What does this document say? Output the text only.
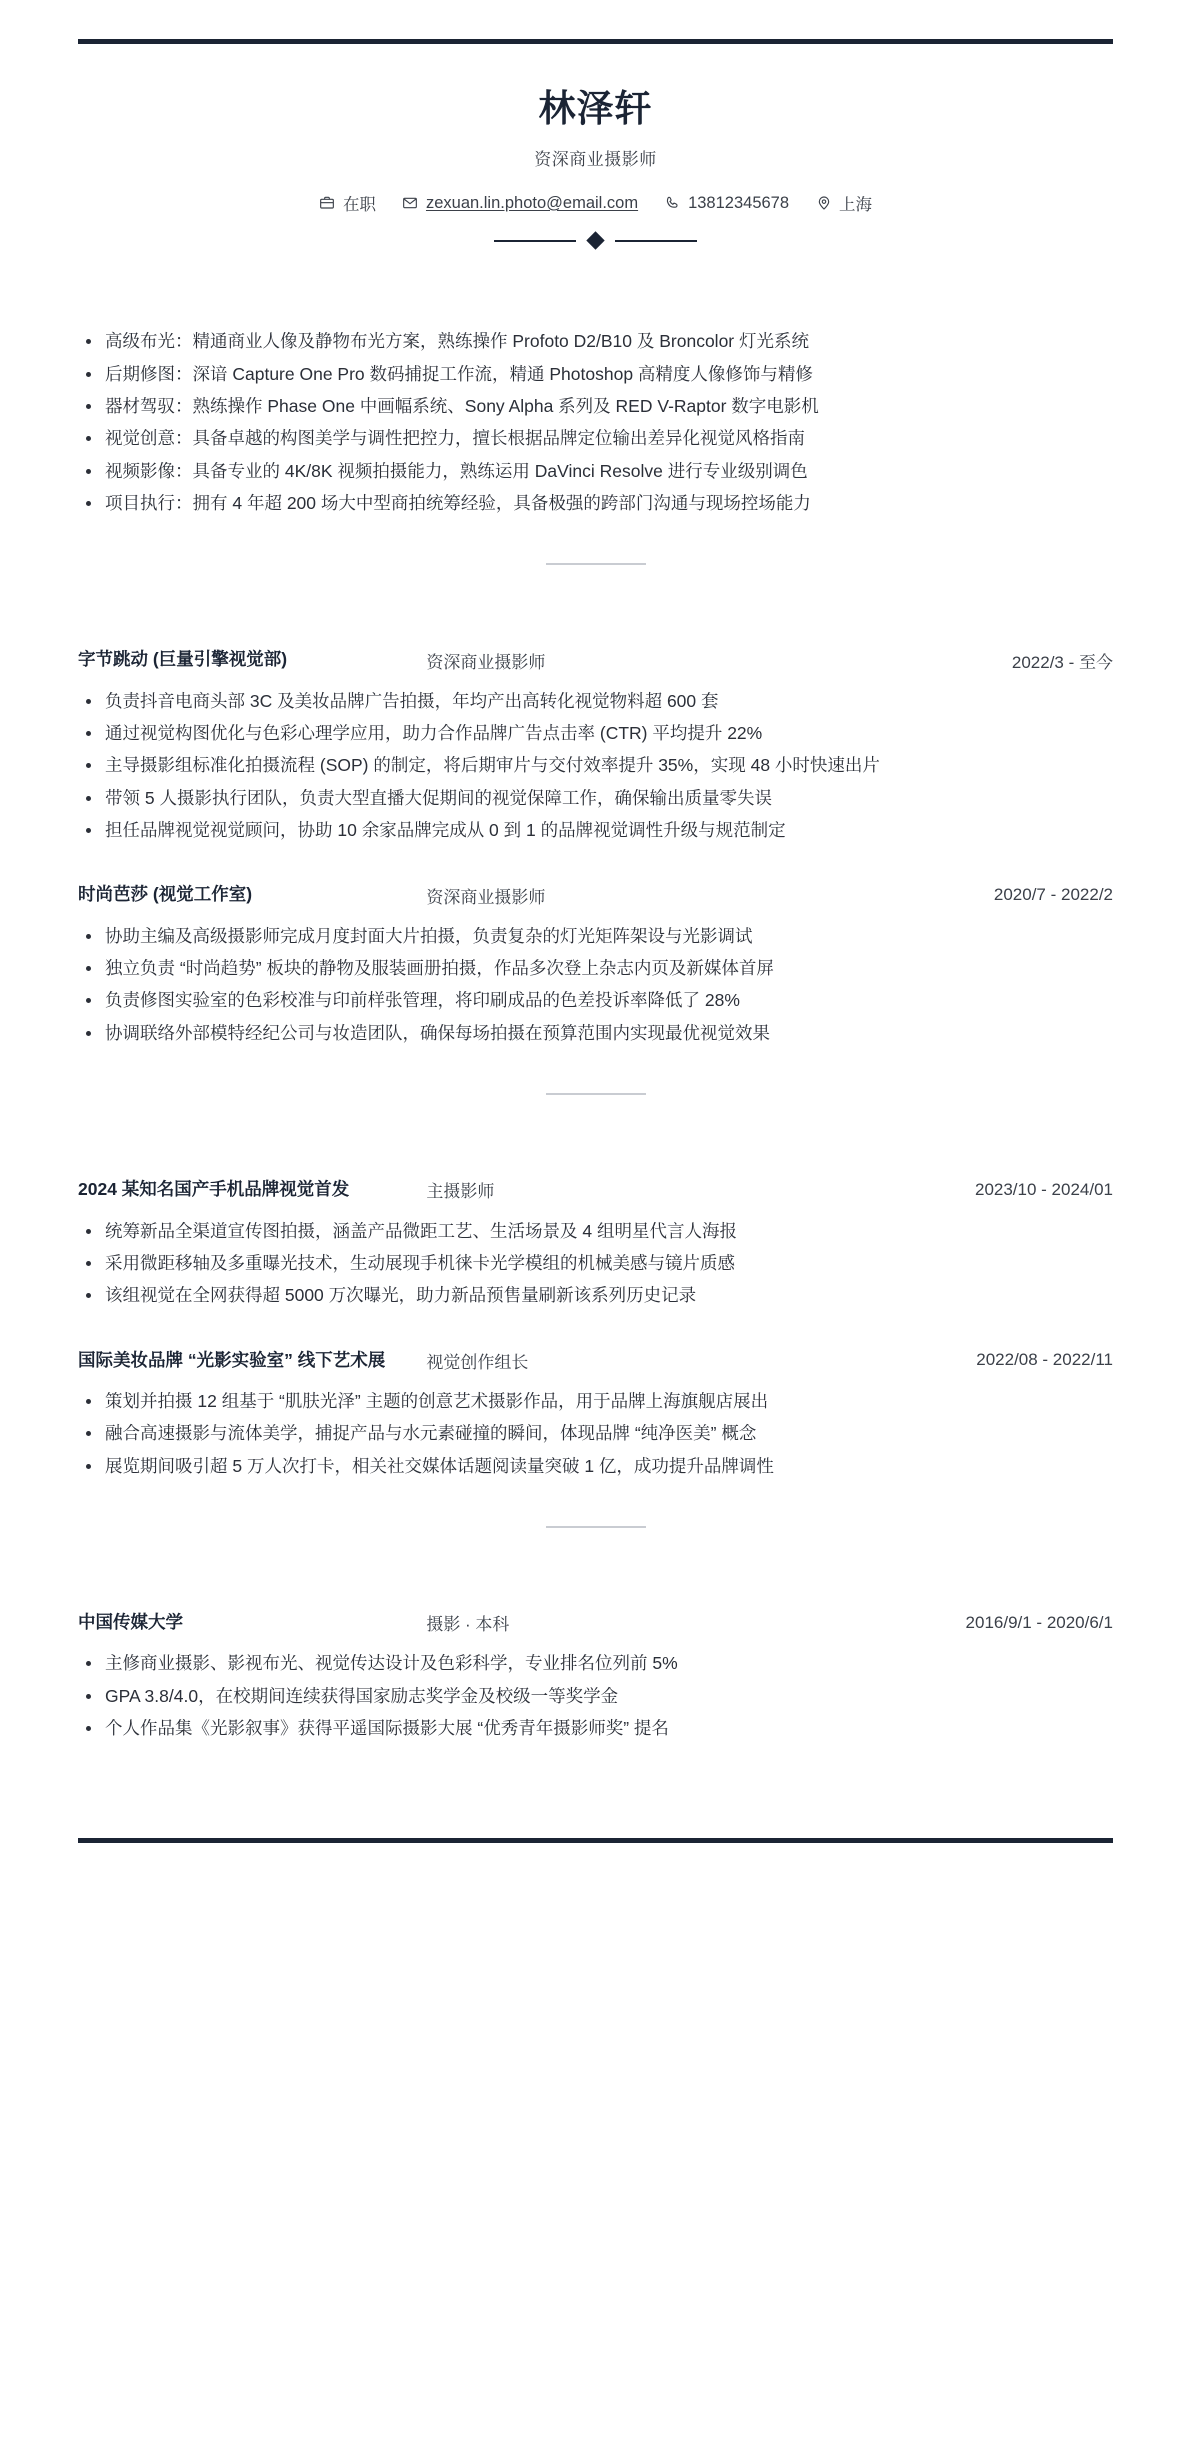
林泽轩
资深商业摄影师
在职	zexuan.lin.photo@email.com	13812345678	上海
高级布光：精通商业人像及静物布光方案，熟练操作 Profoto D2/B10 及 Broncolor 灯光系统
后期修图：深谙 Capture One Pro 数码捕捉工作流，精通 Photoshop 高精度人像修饰与精修
器材驾驭：熟练操作 Phase One 中画幅系统、Sony Alpha 系列及 RED V-Raptor 数字电影机
视觉创意：具备卓越的构图美学与调性把控力，擅长根据品牌定位输出差异化视觉风格指南
视频影像：具备专业的 4K/8K 视频拍摄能力，熟练运用 DaVinci Resolve 进行专业级别调色
项目执行：拥有 4 年超 200 场大中型商拍统筹经验，具备极强的跨部门沟通与现场控场能力
字节跳动 (巨量引擎视觉部)	资深商业摄影师	2022/3 - 至今
负责抖音电商头部 3C 及美妆品牌广告拍摄，年均产出高转化视觉物料超 600 套
通过视觉构图优化与色彩心理学应用，助力合作品牌广告点击率 (CTR) 平均提升 22%
主导摄影组标准化拍摄流程 (SOP) 的制定，将后期审片与交付效率提升 35%，实现 48 小时快速出片
带领 5 人摄影执行团队，负责大型直播大促期间的视觉保障工作，确保输出质量零失误
担任品牌视觉视觉顾问，协助 10 余家品牌完成从 0 到 1 的品牌视觉调性升级与规范制定
时尚芭莎 (视觉工作室)	资深商业摄影师	2020/7 - 2022/2
协助主编及高级摄影师完成月度封面大片拍摄，负责复杂的灯光矩阵架设与光影调试
独立负责 “时尚趋势” 板块的静物及服装画册拍摄，作品多次登上杂志内页及新媒体首屏
负责修图实验室的色彩校准与印前样张管理，将印刷成品的色差投诉率降低了 28%
协调联络外部模特经纪公司与妆造团队，确保每场拍摄在预算范围内实现最优视觉效果
2024 某知名国产手机品牌视觉首发	主摄影师	2023/10 - 2024/01
统筹新品全渠道宣传图拍摄，涵盖产品微距工艺、生活场景及 4 组明星代言人海报
采用微距移轴及多重曝光技术，生动展现手机徕卡光学模组的机械美感与镜片质感
该组视觉在全网获得超 5000 万次曝光，助力新品预售量刷新该系列历史记录
国际美妆品牌 “光影实验室” 线下艺术展	视觉创作组长	2022/08 - 2022/11
策划并拍摄 12 组基于 “肌肤光泽” 主题的创意艺术摄影作品，用于品牌上海旗舰店展出
融合高速摄影与流体美学，捕捉产品与水元素碰撞的瞬间，体现品牌 “纯净医美” 概念
展览期间吸引超 5 万人次打卡，相关社交媒体话题阅读量突破 1 亿，成功提升品牌调性
中国传媒大学	摄影 · 本科	2016/9/1 - 2020/6/1
主修商业摄影、影视布光、视觉传达设计及色彩科学，专业排名位列前 5%
GPA 3.8/4.0，在校期间连续获得国家励志奖学金及校级一等奖学金
个人作品集《光影叙事》获得平遥国际摄影大展 “优秀青年摄影师奖” 提名
